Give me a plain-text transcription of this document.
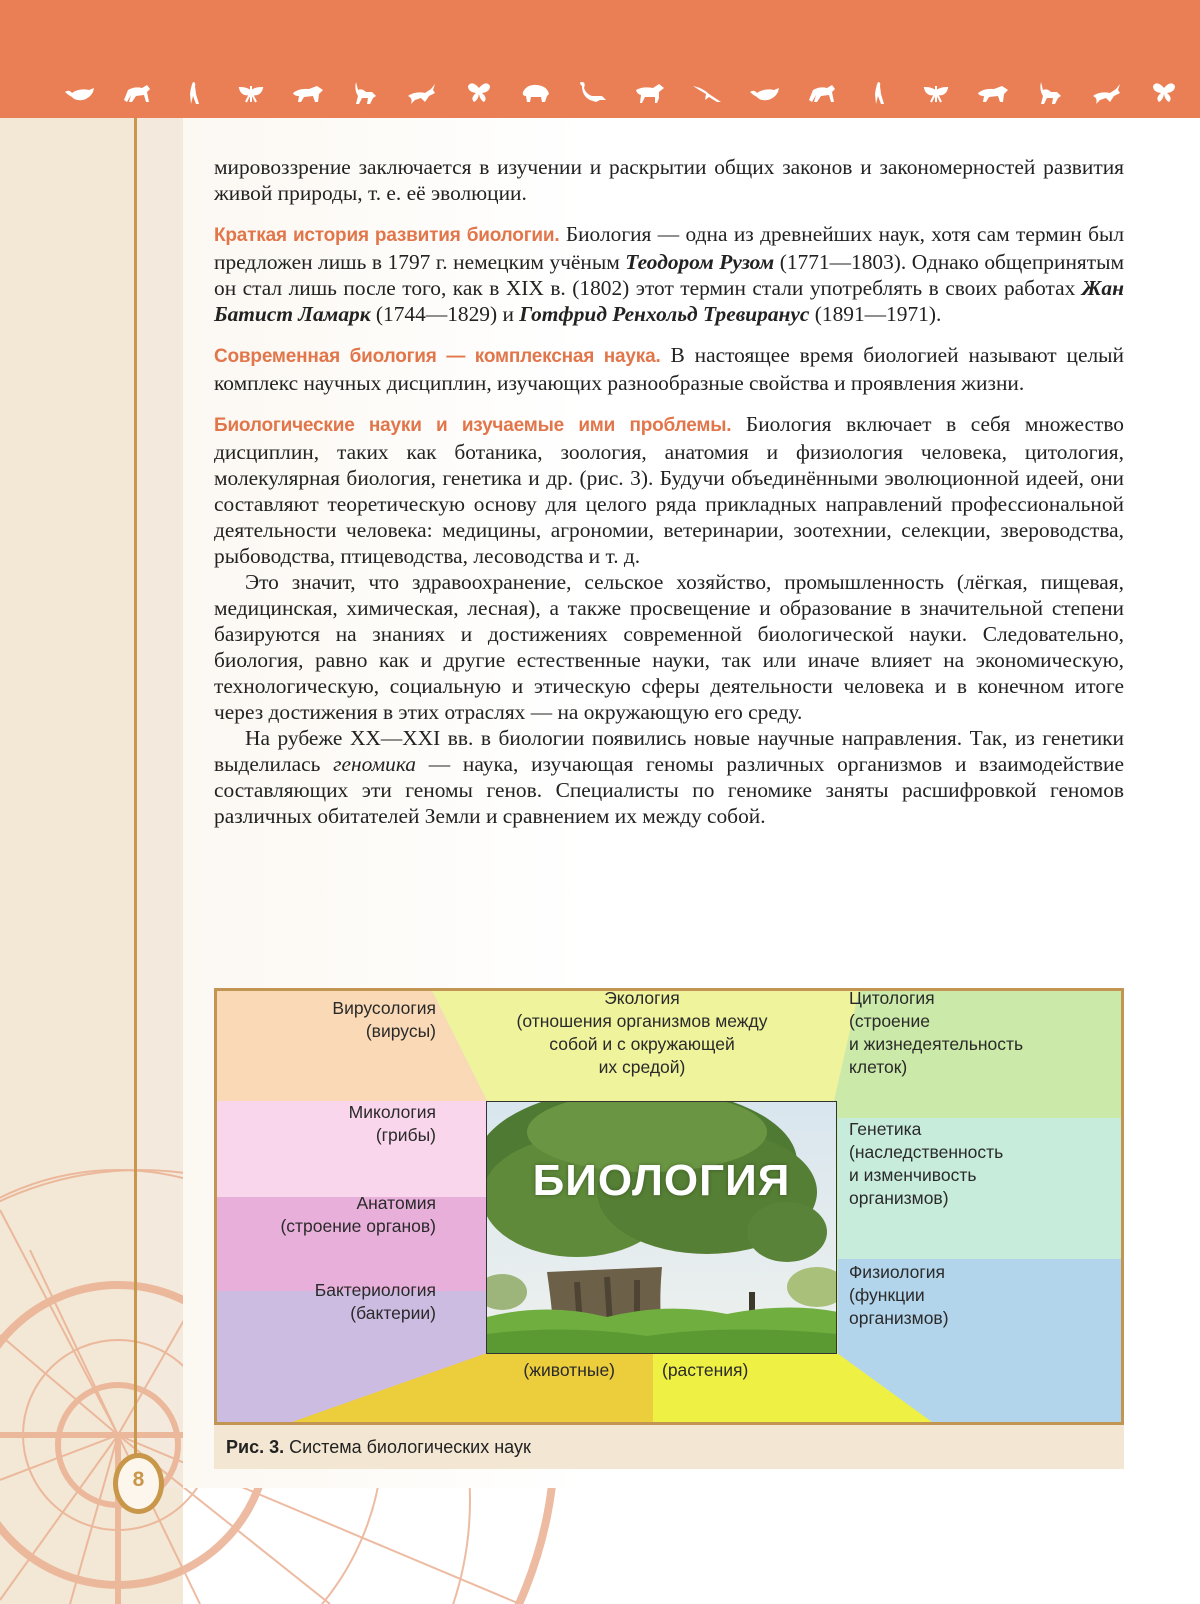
мировоззрение заключается в изучении и раскрытии общих законов и закономерностей развития живой природы, т. е. её эволюции.

Краткая история развития биологии. Биология — одна из древнейших наук, хотя сам термин был предложен лишь в 1797 г. немецким учёным Теодором Рузом (1771—1803). Однако общепринятым он стал лишь после того, как в XIX в. (1802) этот термин стали употреблять в своих работах Жан Батист Ламарк (1744—1829) и Готфрид Ренхольд Тревиранус (1891—1971).

Современная биология — комплексная наука. В настоящее время биологией называют целый комплекс научных дисциплин, изучающих разнообразные свойства и проявления жизни.

Биологические науки и изучаемые ими проблемы. Биология включает в себя множество дисциплин, таких как ботаника, зоология, анатомия и физиология человека, цитология, молекулярная биология, генетика и др. (рис. 3). Будучи объединёнными эволюционной идеей, они составляют теоретическую основу для целого ряда прикладных направлений профессиональной деятельности человека: медицины, агрономии, ветеринарии, зоотехнии, селекции, звероводства, рыбоводства, птицеводства, лесоводства и т. д.

Это значит, что здравоохранение, сельское хозяйство, промышленность (лёгкая, пищевая, медицинская, химическая, лесная), а также просвещение и образование в значительной степени базируются на знаниях и достижениях современной биологической науки. Следовательно, биология, равно как и другие естественные науки, так или иначе влияет на экономическую, технологическую, социальную и этическую сферы деятельности человека и в конечном итоге через достижения в этих отраслях — на окружающую его среду.

На рубеже XX—XXI вв. в биологии появились новые научные направления. Так, из генетики выделилась геномика — наука, изучающая геномы различных организмов и взаимодействие составляющих эти геномы генов. Специалисты по геномике заняты расшифровкой геномов различных обитателей Земли и сравнением их между собой.

Вирусология
(вирусы)
Экология
(отношения организмов между
собой и с окружающей
их средой)
Цитология
(строение
и жизнедеятельность
клеток)
Микология
(грибы)
Анатомия
(строение органов)
Бактериология
(бактерии)
Генетика
(наследственность
и изменчивость
организмов)
Физиология
(функции
организмов)
(животные)	(растения)
БИОЛОГИЯ
Рис. 3. Система биологических наук
8
